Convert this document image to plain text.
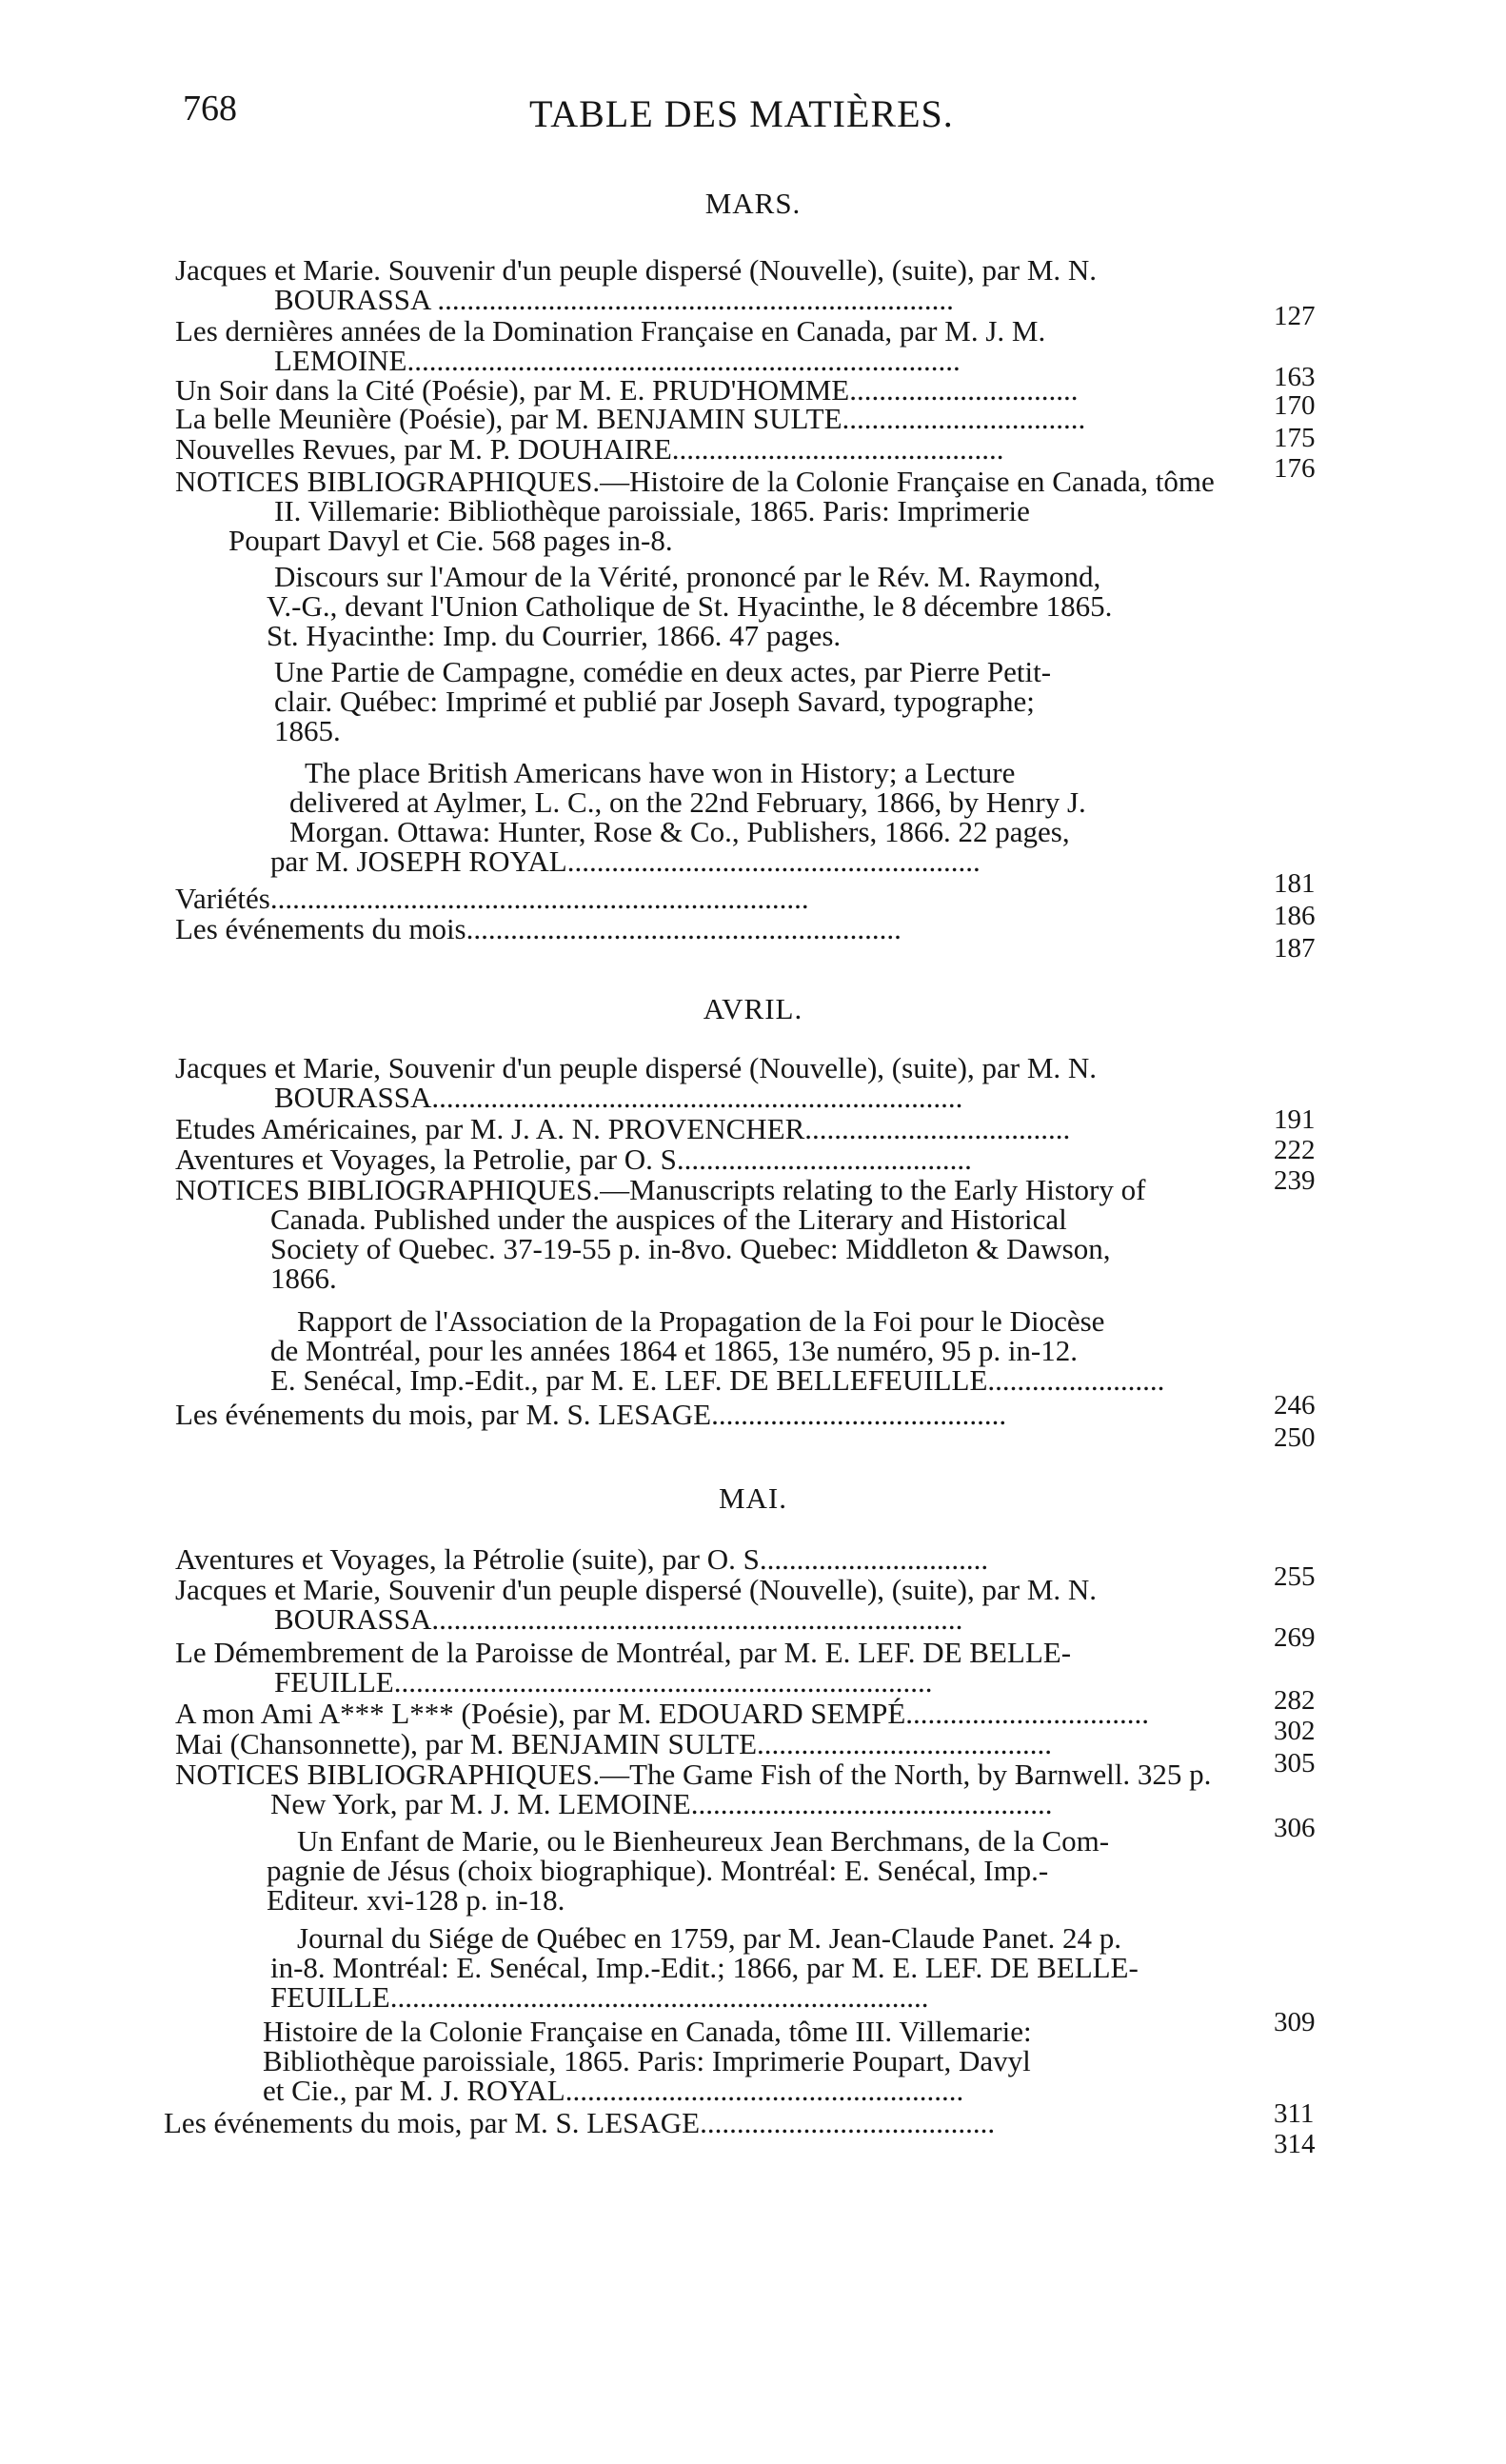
768	TABLE DES MATIÈRES.
MARS.
Jacques et Marie. Souvenir d'un peuple dispersé (Nouvelle), (suite), par M. N.
BOURASSA ......................................................................	127
Les dernières années de la Domination Française en Canada, par M. J. M.
LEMOINE...........................................................................	163
Un Soir dans la Cité (Poésie), par M. E. PRUD'HOMME...............................	170
La belle Meunière (Poésie), par M. BENJAMIN SULTE.................................
175
Nouvelles Revues, par M. P. DOUHAIRE.............................................
176
NOTICES BIBLIOGRAPHIQUES.—Histoire de la Colonie Française en Canada, tôme
II. Villemarie: Bibliothèque paroissiale, 1865. Paris: Imprimerie
Poupart Davyl et Cie. 568 pages in-8.
Discours sur l'Amour de la Vérité, prononcé par le Rév. M. Raymond,
V.-G., devant l'Union Catholique de St. Hyacinthe, le 8 décembre 1865.
St. Hyacinthe: Imp. du Courrier, 1866. 47 pages.
Une Partie de Campagne, comédie en deux actes, par Pierre Petit-
clair. Québec: Imprimé et publié par Joseph Savard, typographe;
1865.
The place British Americans have won in History; a Lecture
delivered at Aylmer, L. C., on the 22nd February, 1866, by Henry J.
Morgan. Ottawa: Hunter, Rose & Co., Publishers, 1866. 22 pages,
par M. JOSEPH ROYAL........................................................
181
Variétés.........................................................................
186
Les événements du mois...........................................................
187
AVRIL.
Jacques et Marie, Souvenir d'un peuple dispersé (Nouvelle), (suite), par M. N.
BOURASSA........................................................................
191
Etudes Américaines, par M. J. A. N. PROVENCHER....................................
222
Aventures et Voyages, la Petrolie, par O. S........................................
239
NOTICES BIBLIOGRAPHIQUES.—Manuscripts relating to the Early History of
Canada. Published under the auspices of the Literary and Historical
Society of Quebec. 37-19-55 p. in-8vo. Quebec: Middleton & Dawson,
1866.
Rapport de l'Association de la Propagation de la Foi pour le Diocèse
de Montréal, pour les années 1864 et 1865, 13e numéro, 95 p. in-12.
E. Senécal, Imp.-Edit., par M. E. LEF. DE BELLEFEUILLE........................
246
Les événements du mois, par M. S. LESAGE........................................
250
MAI.
Aventures et Voyages, la Pétrolie (suite), par O. S...............................
255
Jacques et Marie, Souvenir d'un peuple dispersé (Nouvelle), (suite), par M. N.
BOURASSA........................................................................
269
Le Démembrement de la Paroisse de Montréal, par M. E. LEF. DE BELLE-
FEUILLE.........................................................................
282
A mon Ami A*** L*** (Poésie), par M. EDOUARD SEMPÉ.................................
302
Mai (Chansonnette), par M. BENJAMIN SULTE........................................
305
NOTICES BIBLIOGRAPHIQUES.—The Game Fish of the North, by Barnwell. 325 p.
New York, par M. J. M. LEMOINE.................................................
306
Un Enfant de Marie, ou le Bienheureux Jean Berchmans, de la Com-
pagnie de Jésus (choix biographique). Montréal: E. Senécal, Imp.-
Editeur. xvi-128 p. in-18.
Journal du Siége de Québec en 1759, par M. Jean-Claude Panet. 24 p.
in-8. Montréal: E. Senécal, Imp.-Edit.; 1866, par M. E. LEF. DE BELLE-
FEUILLE.........................................................................
309
Histoire de la Colonie Française en Canada, tôme III. Villemarie:
Bibliothèque paroissiale, 1865. Paris: Imprimerie Poupart, Davyl
et Cie., par M. J. ROYAL......................................................
311
Les événements du mois, par M. S. LESAGE........................................
314
